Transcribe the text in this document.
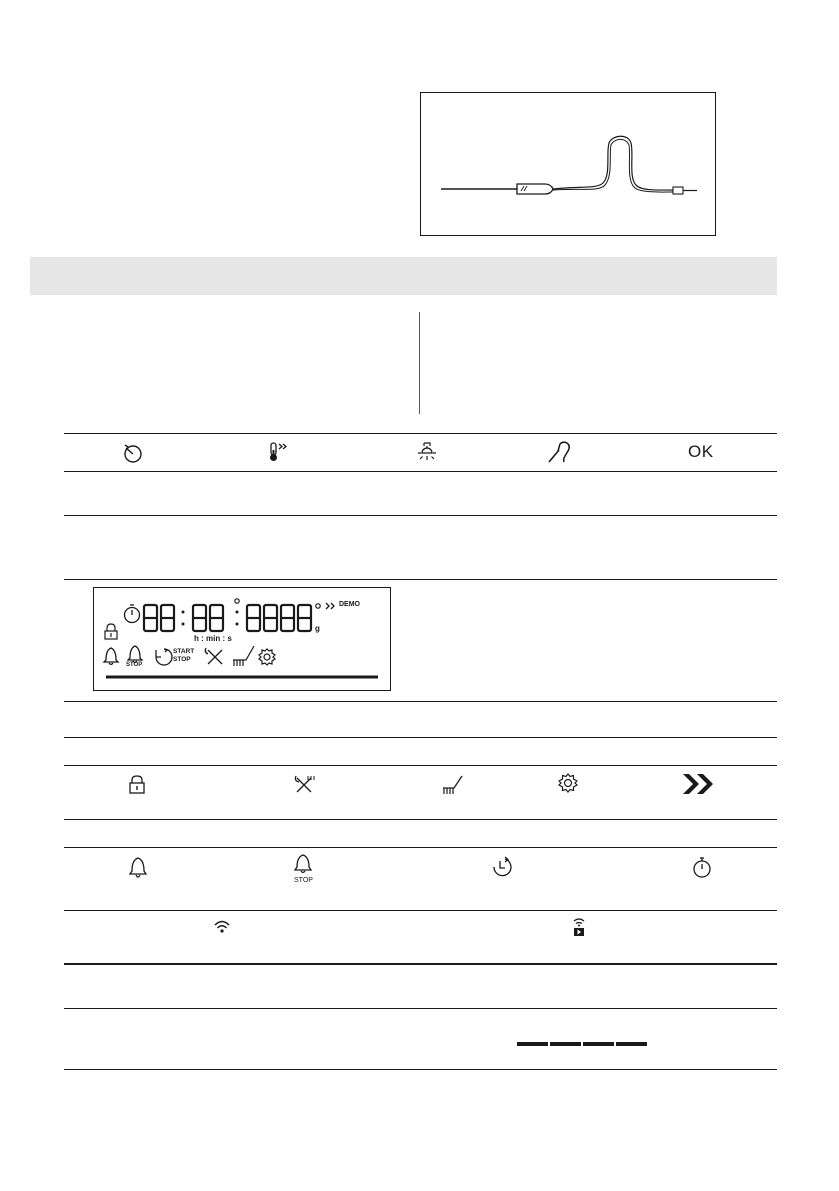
OK
DEMO
g
h : min : s
STOP
START
STOP
STOP
